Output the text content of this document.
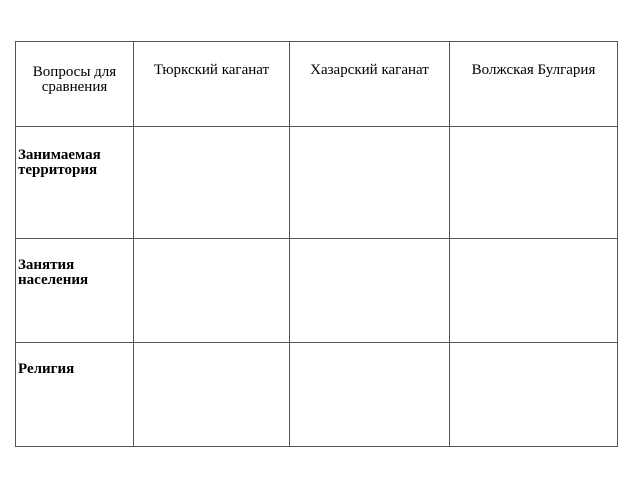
Вопросы для сравнения	Тюркский каганат	Хазарский каганат	Волжская Булгария

Занимаемая территория			

Занятия населения			

Религия			
